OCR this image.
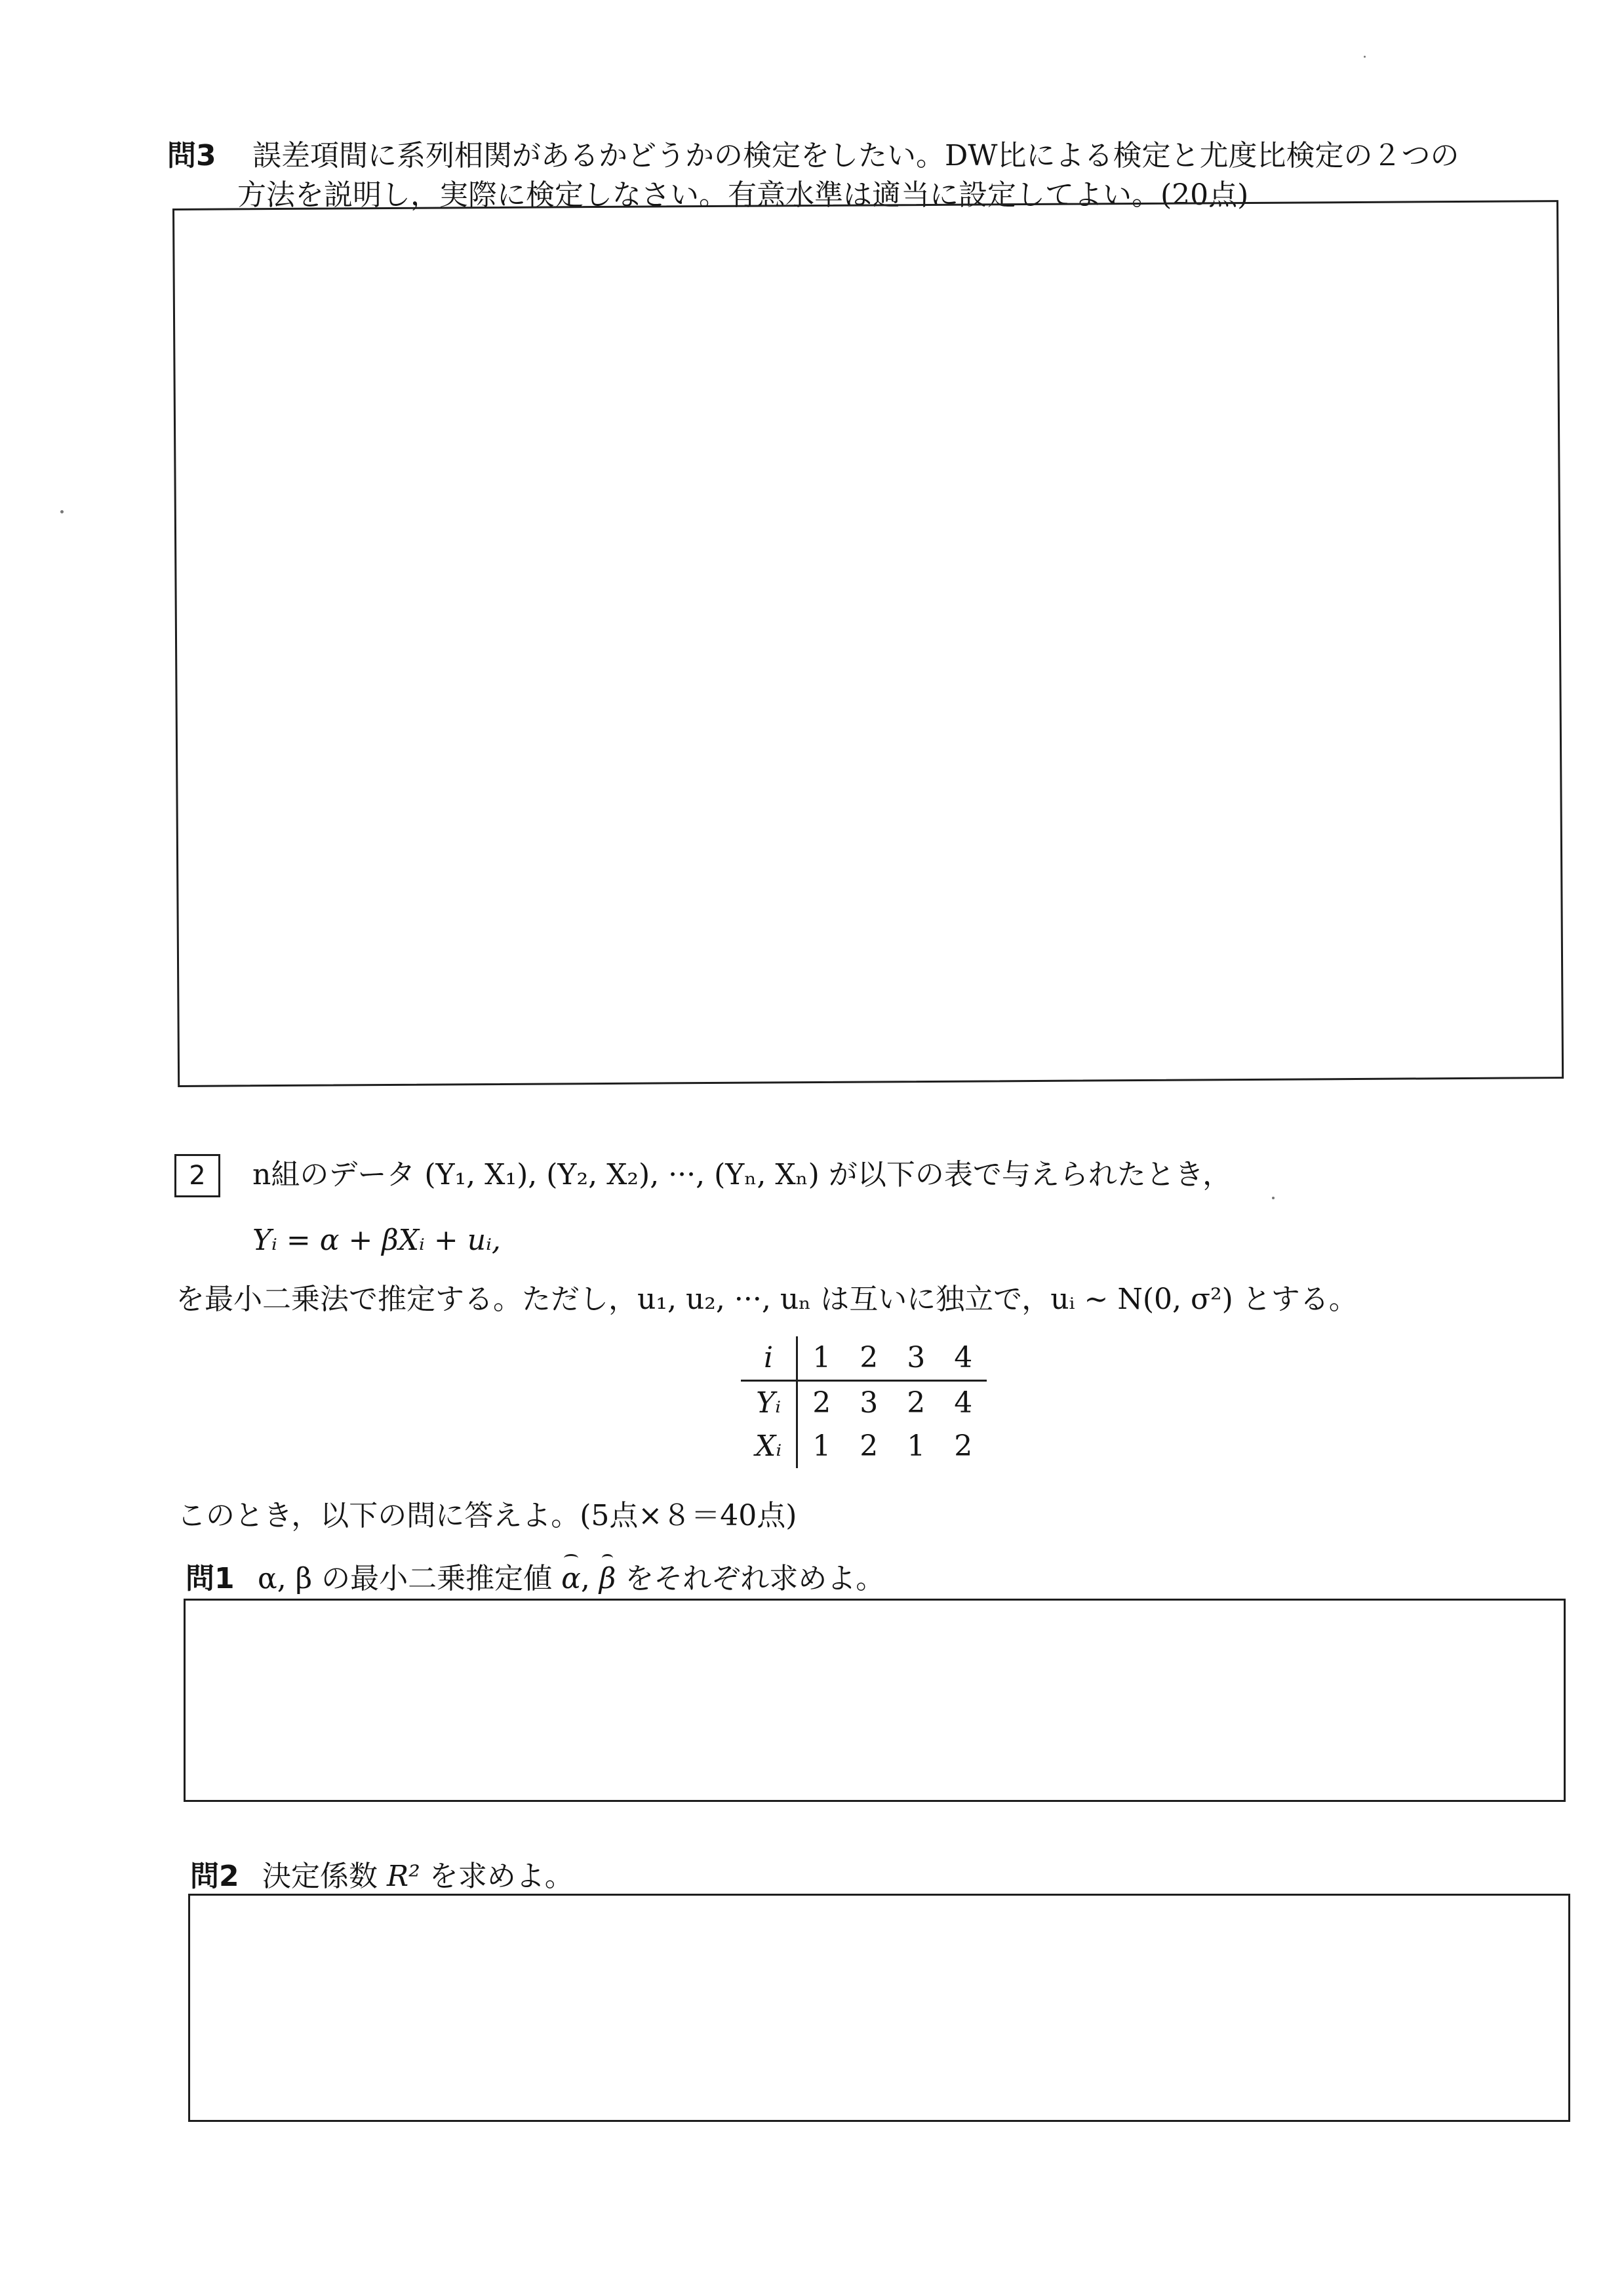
問3 誤差項間に系列相関があるかどうかの検定をしたい。DW比による検定と尤度比検定の２つの
方法を説明し，実際に検定しなさい。有意水準は適当に設定してよい。(20点)
2	n組のデータ (Y₁, X₁), (Y₂, X₂), ···, (Yₙ, Xₙ) が以下の表で与えられたとき，
Yᵢ = α + βXᵢ + uᵢ,
を最小二乗法で推定する。ただし，u₁, u₂, ···, uₙ は互いに独立で，uᵢ ~ N(0, σ²) とする。
i	1	2	3	4
Yᵢ	2	3	2	4
Xᵢ	1	2	1	2
このとき，以下の問に答えよ。(5点×８＝40点)
問1 α, β の最小二乗推定値 α, β をそれぞれ求めよ。
問2 決定係数 R² を求めよ。
